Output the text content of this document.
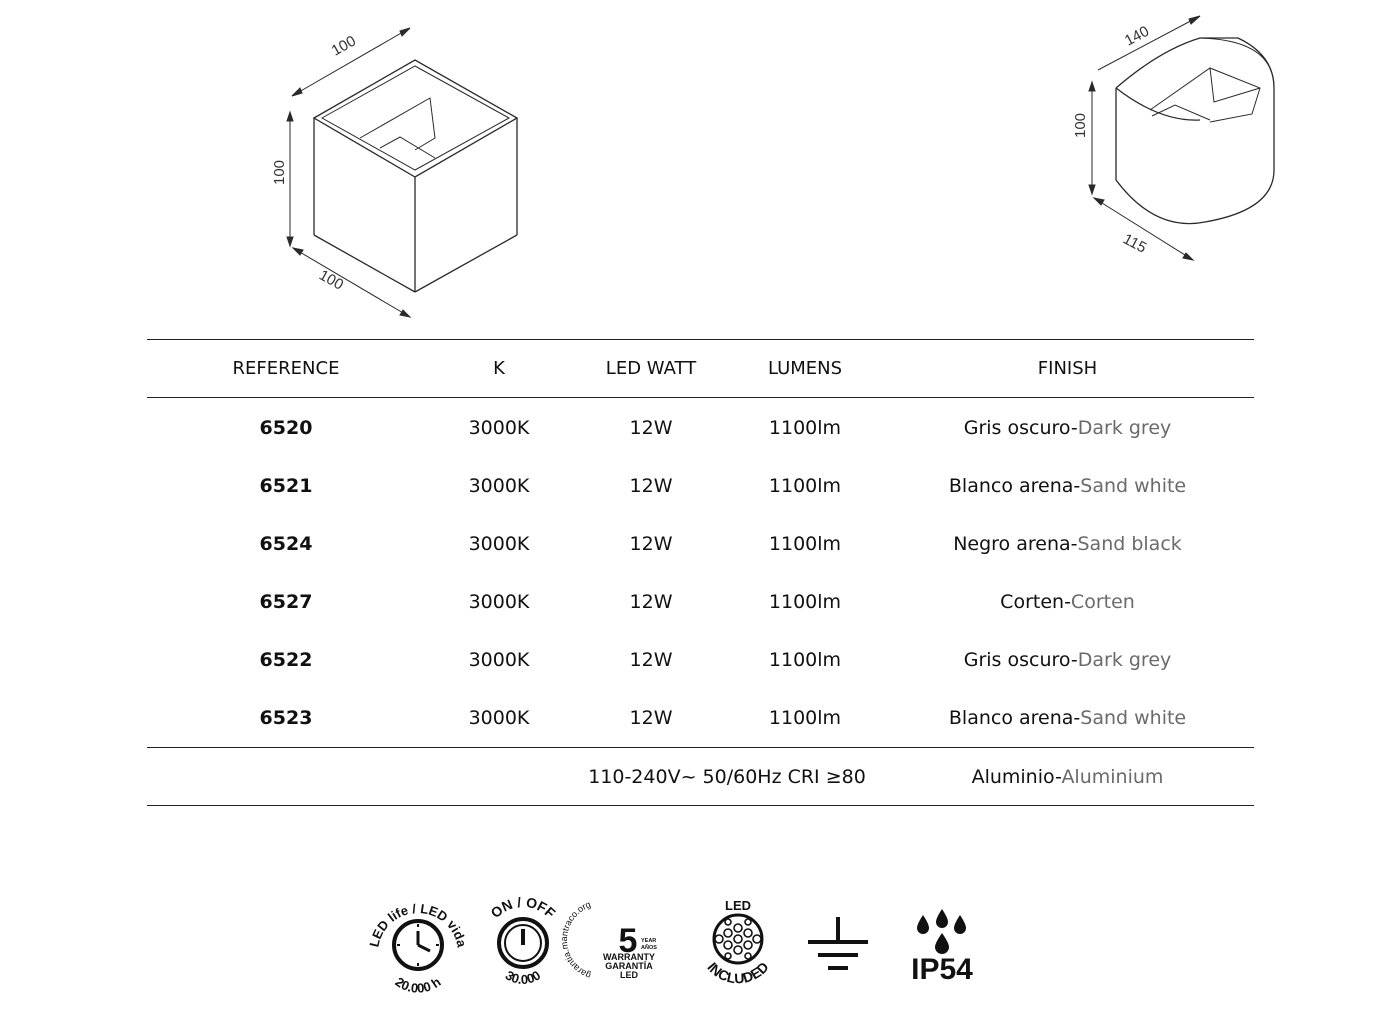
100
100
100
140
100
115
REFERENCE	K	LED WATT	LUMENS	FINISH
6520	3000K	12W	1100lm	Gris oscuro-Dark grey
6521	3000K	12W	1100lm	Blanco arena-Sand white
6524	3000K	12W	1100lm	Negro arena-Sand black
6527	3000K	12W	1100lm	Corten-Corten
6522	3000K	12W	1100lm	Gris oscuro-Dark grey
6523	3000K	12W	1100lm	Blanco arena-Sand white
		110-240V~ 50/60Hz CRI ≥80		Aluminio-Aluminium
LED life / LED vida
20.000 h
ON / OFF
30.000	garantia.mantraco.org
5 YEAR
AÑOS
WARRANTY
GARANTÍA
LED
LED
INCLUDED	IP54
